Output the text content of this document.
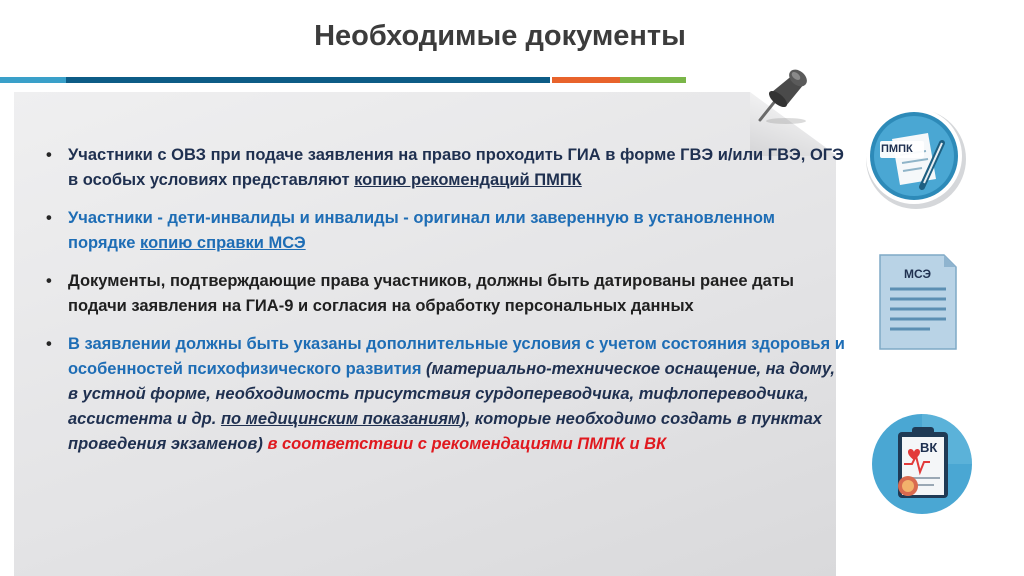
Необходимые документы
• Участники с ОВЗ при подаче заявления на право проходить ГИА в форме ГВЭ и/или ГВЭ, ОГЭ в особых условиях представляют копию рекомендаций ПМПК
• Участники - дети-инвалиды и инвалиды - оригинал или заверенную в установленном порядке копию справки МСЭ
• Документы, подтверждающие права участников, должны быть датированы ранее даты подачи заявления на ГИА-9 и согласия на обработку персональных данных
• В заявлении должны быть указаны дополнительные условия с учетом состояния здоровья и особенностей психофизического развития (материально-техническое оснащение, на дому, в устной форме, необходимость присутствия сурдопереводчика, тифлопереводчика, ассистента и др. по медицинским показаниям), которые необходимо создать в пунктах проведения экзаменов) в соответствии с рекомендациями ПМПК и ВК
ПМПК
МСЭ
ВК
